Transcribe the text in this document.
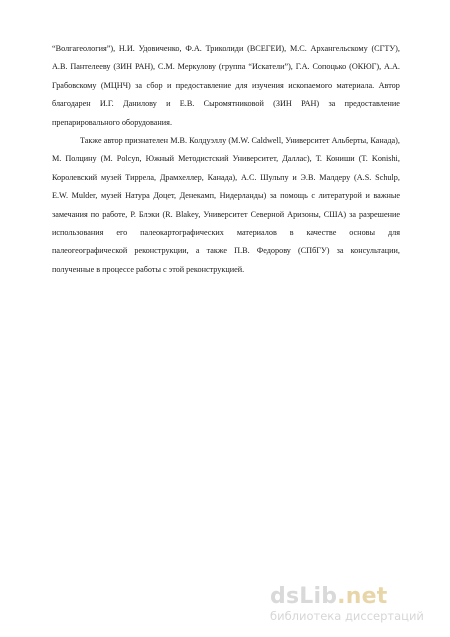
“Волгагеология”), Н.И. Удовиченко, Ф.А. Триколиди (ВСЕГЕИ), М.С. Архангельскому (СГТУ),
А.В. Пантелееву (ЗИН РАН), С.М. Меркулову (группа “Искатели”), Г.А. Сопоцько (ОКЮГ), А.А.
Грабовскому (МЦНЧ) за сбор и предоставление для изучения ископаемого материала. Автор
благодарен И.Г. Данилову и Е.В. Сыромятниковой (ЗИН РАН) за предоставление
препарировального оборудования.
Также автор признателен М.В. Колдуэллу (M.W. Caldwell, Университет Альберты, Канада),
М. Полцину (M. Polcyn, Южный Методистский Университет, Даллас), Т. Кониши (T. Konishi,
Королевский музей Тиррела, Драмхеллер, Канада), А.С. Шульпу и Э.В. Малдеру (A.S. Schulp,
E.W. Mulder, музей Натура Доцет, Денекамп, Нидерланды) за помощь с литературой и важные
замечания по работе, Р. Блэки (R. Blakey, Университет Северной Аризоны, США) за разрешение
использования его палеокартографических материалов в качестве основы для
палеогеографической реконструкции, а также П.В. Федорову (СПбГУ) за консультации,
полученные в процессе работы с этой реконструкцией.
dsLib.net
библиотека диссертаций
